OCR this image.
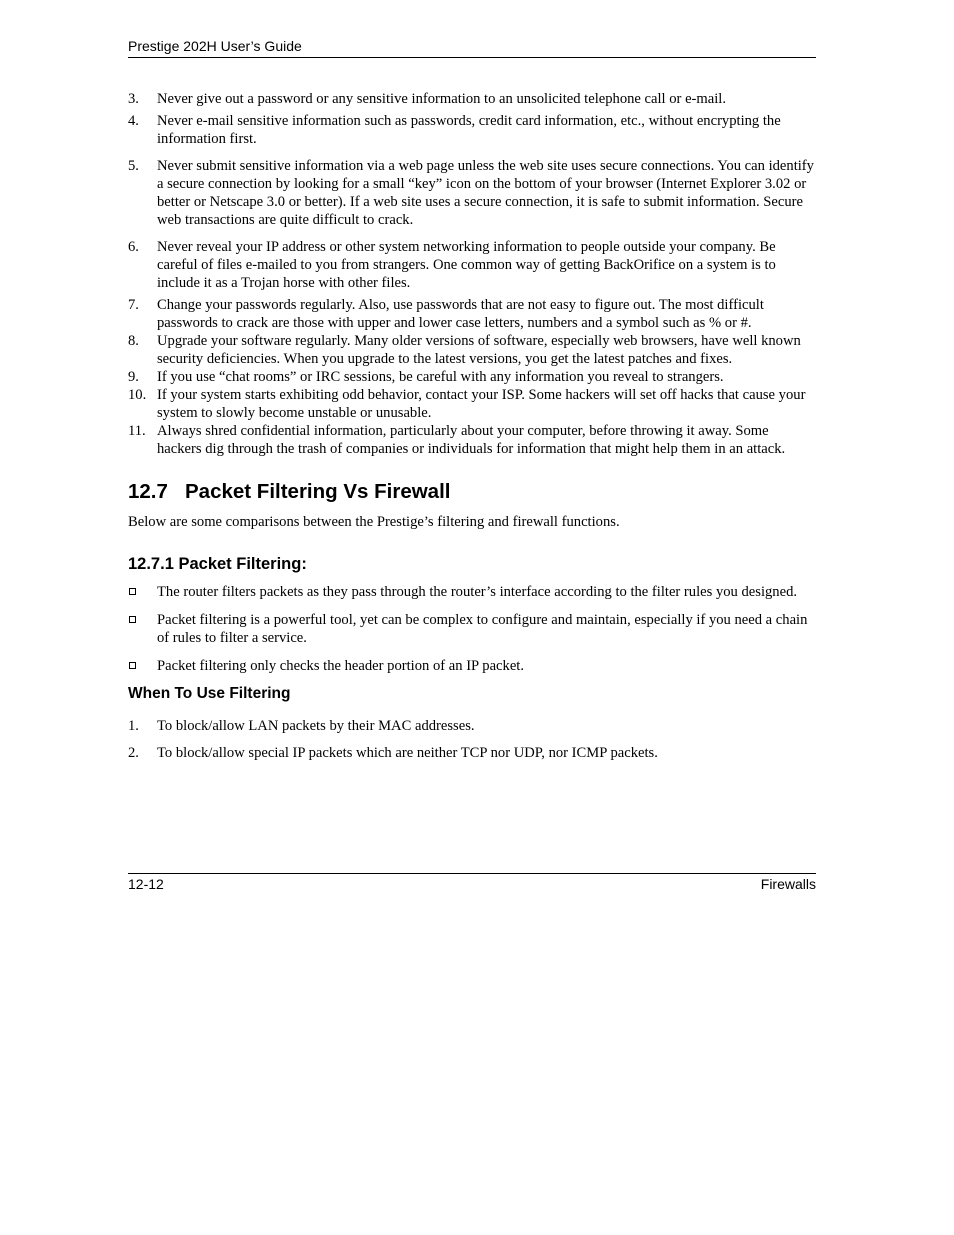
Prestige 202H User’s Guide
3. Never give out a password or any sensitive information to an unsolicited telephone call or e-mail.
4. Never e-mail sensitive information such as passwords, credit card information, etc., without encrypting the information first.
5. Never submit sensitive information via a web page unless the web site uses secure connections. You can identify a secure connection by looking for a small “key” icon on the bottom of your browser (Internet Explorer 3.02 or better or Netscape 3.0 or better). If a web site uses a secure connection, it is safe to submit information. Secure web transactions are quite difficult to crack.
6. Never reveal your IP address or other system networking information to people outside your company. Be careful of files e-mailed to you from strangers. One common way of getting BackOrifice on a system is to include it as a Trojan horse with other files.
7. Change your passwords regularly. Also, use passwords that are not easy to figure out. The most difficult passwords to crack are those with upper and lower case letters, numbers and a symbol such as % or #.
8. Upgrade your software regularly. Many older versions of software, especially web browsers, have well known security deficiencies. When you upgrade to the latest versions, you get the latest patches and fixes.
9. If you use “chat rooms” or IRC sessions, be careful with any information you reveal to strangers.
10. If your system starts exhibiting odd behavior, contact your ISP. Some hackers will set off hacks that cause your system to slowly become unstable or unusable.
11. Always shred confidential information, particularly about your computer, before throwing it away. Some hackers dig through the trash of companies or individuals for information that might help them in an attack.
12.7 Packet Filtering Vs Firewall

Below are some comparisons between the Prestige’s filtering and firewall functions.

12.7.1 Packet Filtering:
The router filters packets as they pass through the router’s interface according to the filter rules you designed.
Packet filtering is a powerful tool, yet can be complex to configure and maintain, especially if you need a chain of rules to filter a service.
Packet filtering only checks the header portion of an IP packet.
When To Use Filtering
1. To block/allow LAN packets by their MAC addresses.
2. To block/allow special IP packets which are neither TCP nor UDP, nor ICMP packets.
12-12	Firewalls
